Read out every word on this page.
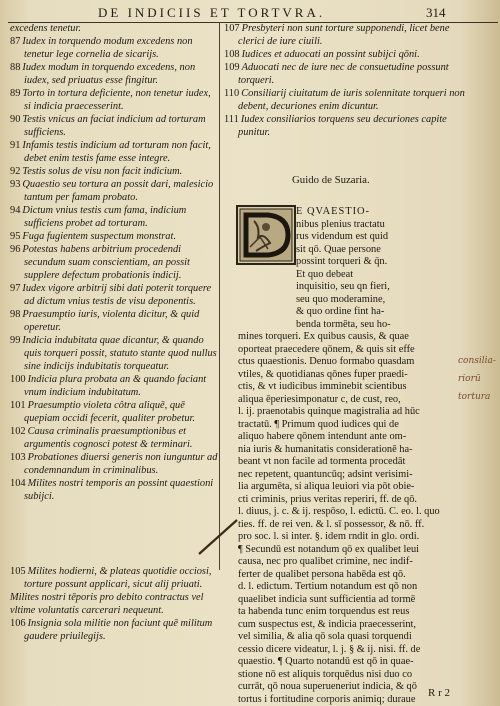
DE INDICIIS ET TORTVRA.	314

excedens tenetur.

87 Iudex in torquendo modum excedens non tenetur lege cornelia de sicarijs.

88 Iudex modum in torquendo excedens, non iudex, sed priuatus esse fingitur.

89 Torto in tortura deficiente, non tenetur iudex, si indicia praecesserint.

90 Testis vnicus an faciat indicium ad torturam sufficiens.

91 Infamis testis indicium ad torturam non facit, debet enim testis fame esse integre.

92 Testis solus de visu non facit indicium.

93 Quaestio seu tortura an possit dari, malesicio tantum per famam probato.

94 Dictum vnius testis cum fama, indicium sufficiens probet ad torturam.

95 Fuga fugientem suspectum monstrat.

96 Potestas habens arbitrium procedendi secundum suam conscientiam, an possit supplere defectum probationis indicij.

97 Iudex vigore arbitrij sibi dati poterit torquere ad dictum vnius testis de visu deponentis.

98 Praesumptio iuris, violenta dicitur, & quid operetur.

99 Indicia indubitata quae dicantur, & quando quis torqueri possit, statuto stante quod nullus sine indicijs indubitatis torqueatur.

100 Indicia plura probata an & quando faciant vnum indicium indubitatum.

101 Praesumptio violeta côtra aliquē, quē quepiam occidi fecerit, qualiter probetur.

102 Causa criminalis praesumptionibus et argumentis cognosci potest & terminari.

103 Probationes diuersi generis non iunguntur ad condemnandum in criminalibus.

104 Milites nostri temporis an possint quaestioni subijci.

107 Presbyteri non sunt torture supponendi, licet bene clerici de iure ciuili.

108 Iudices et aduocati an possint subijci qōni.

109 Aduocati nec de iure nec de consuetudine possunt torqueri.

110 Consiliarij ciuitatum de iuris solennitate torqueri non debent, decuriones enim dicuntur.

111 Iudex consiliarios torquens seu decuriones capite punitur.

Guido de Suzaria.
E QVAESTIO-
nibus plenius tractatu
rus videndum est quid
sit qō. Quae persone
possint torqueri & q̄n.
Et quo debeat
inquisitio, seu qn fieri,
seu quo moderamine,
& quo ordine fint ha-
benda tormēta, seu ho-
mines torqueri. Ex quibus causis, & quae
oporteat praecedere qōnem, & quis sit effe
ctus quaestionis. Denuo formabo quasdam
vtiles, & quotidianas qōnes fuper praedi-
ctis, & vt iudicibus imminebit scientibus
aliqua ēperiesimponatur c, de cust, reo,
l. ij. praenotabis quinque magistralia ad hūc
tractatū. ¶ Primum quod iudices qui de
aliquo habere qōnem intendunt ante om-
nia iuris & humanitatis considerationē ha-
beant vt non facile ad tormenta procedāt
nec repetent, quantuncūq; adsint verisimi-
lia argumēta, si aliqua leuiori via pōt obie-
cti criminis, prius veritas reperiri, ff. de qō.
l. diuus, j. c. & ij. respōso, l. edictū. C. eo. l. quo
ties. ff. de rei ven. & l. sī possessor, & nō. ff.
pro soc. l. si inter. §. idem rndit in glo. ordi.
¶ Secundū est notandum qō ex qualibet leui
causa, nec pro qualibet crimine, nec indif-
ferter de qualibet persona habēda est qō.
d. l. edictum. Tertium notandum est qō non
quaelibet indicia sunt sufficientia ad tormē
ta habenda tunc enim torquendus est reus
cum suspectus est, & indicia praecesserint,
vel similia, & alia qō sola quasi torquendi
cessio dicere videatur, l. j. § & ij. nisi. ff. de
quaestio. ¶ Quarto notandū est qō in quae-
stione nō est aliquis torquēdus nisi duo co
currāt, qō noua superueneriut indicia, & qō
tortus i fortitudine corporis animiq; duraue

105 Milites hodierni, & plateas quotidie occiosi, torture possunt applicari, sicut alij priuati.

Milites nostri tēporis pro debito contractus vel vltime voluntatis carcerari nequeunt.

106 Insignia sola militie non faciunt quē militum gaudere priuilegijs.

consilia-
riorū
tortura
R r 2
